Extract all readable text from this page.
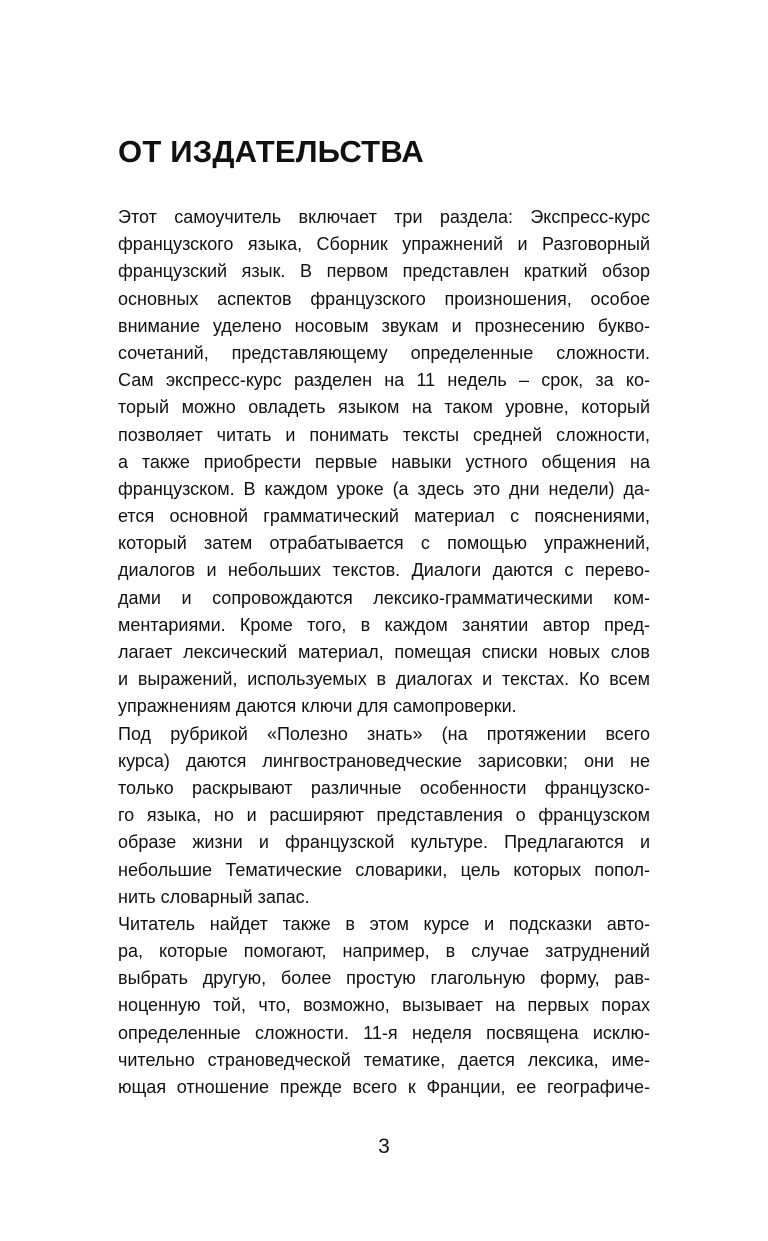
ОТ ИЗДАТЕЛЬСТВА
Этот самоучитель включает три раздела: Экспресс-курс
французского языка, Сборник упражнений и Разговорный
французский язык. В первом представлен краткий обзор
основных аспектов французского произношения, особое
внимание уделено носовым звукам и прознесению букво-
сочетаний, представляющему определенные сложности.
Сам экспресс-курс разделен на 11 недель – срок, за ко-
торый можно овладеть языком на таком уровне, который
позволяет читать и понимать тексты средней сложности,
а также приобрести первые навыки устного общения на
французском. В каждом уроке (а здесь это дни недели) да-
ется основной грамматический материал с пояснениями,
который затем отрабатывается с помощью упражнений,
диалогов и небольших текстов. Диалоги даются с перево-
дами и сопровождаются лексико-грамматическими ком-
ментариями. Кроме того, в каждом занятии автор пред-
лагает лексический материал, помещая списки новых слов
и выражений, используемых в диалогах и текстах. Ко всем
упражнениям даются ключи для самопроверки.
Под рубрикой «Полезно знать» (на протяжении всего
курса) даются лингвострановедческие зарисовки; они не
только раскрывают различные особенности французско-
го языка, но и расширяют представления о французском
образе жизни и французской культуре. Предлагаются и
небольшие Тематические словарики, цель которых попол-
нить словарный запас.
Читатель найдет также в этом курсе и подсказки авто-
ра, которые помогают, например, в случае затруднений
выбрать другую, более простую глагольную форму, рав-
ноценную той, что, возможно, вызывает на первых порах
определенные сложности. 11-я неделя посвящена исклю-
чительно страноведческой тематике, дается лексика, име-
ющая отношение прежде всего к Франции, ее географиче-
3
